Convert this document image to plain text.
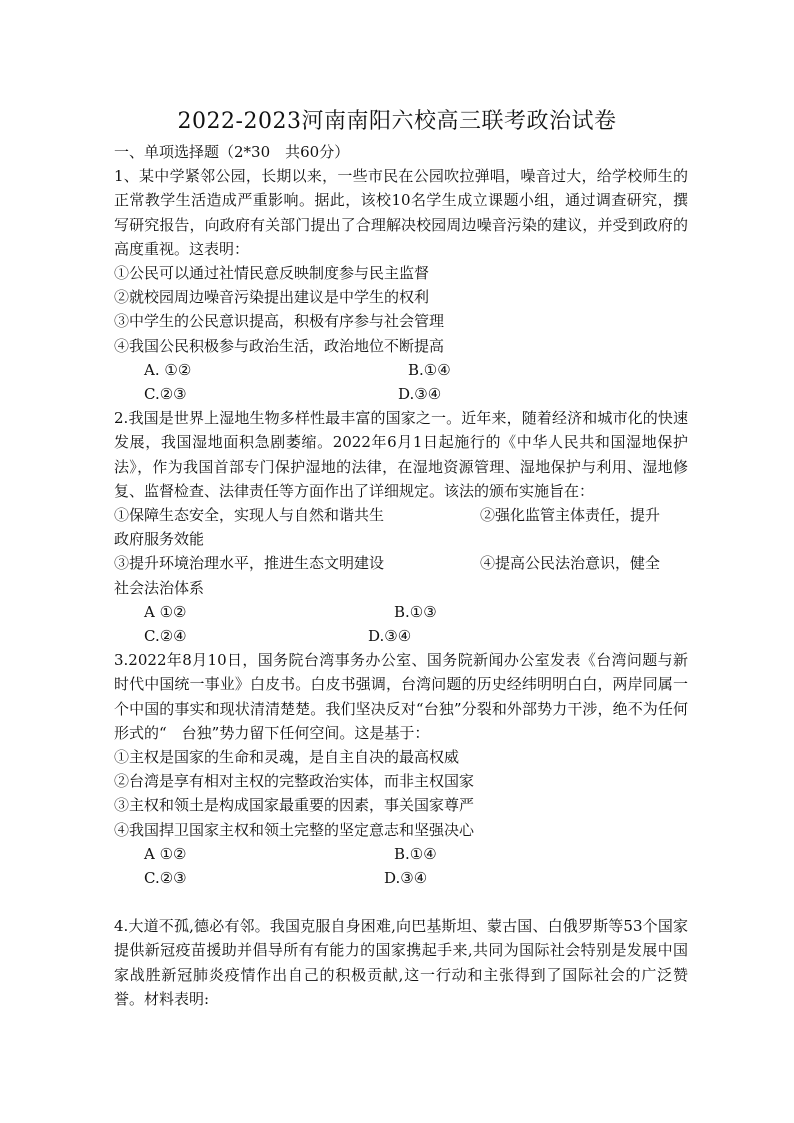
2022-2023河南南阳六校高三联考政治试卷

一、单项选择题（2*30　共60分）

1、某中学紧邻公园，长期以来，一些市民在公园吹拉弹唱，噪音过大，给学校师生的正常教学生活造成严重影响。据此，该校10名学生成立课题小组，通过调查研究，撰写研究报告，向政府有关部门提出了合理解决校园周边噪音污染的建议，并受到政府的高度重视。这表明：

①公民可以通过社情民意反映制度参与民主监督

②就校园周边噪音污染提出建议是中学生的权利

③中学生的公民意识提高，积极有序参与社会管理

④我国公民积极参与政治生活，政治地位不断提高

A. ①②	B.①④
C.②③	D.③④

2.我国是世界上湿地生物多样性最丰富的国家之一。近年来，随着经济和城市化的快速发展，我国湿地面积急剧萎缩。2022年6月1日起施行的《中华人民共和国湿地保护法》，作为我国首部专门保护湿地的法律，在湿地资源管理、湿地保护与利用、湿地修复、监督检查、法律责任等方面作出了详细规定。该法的颁布实施旨在：

①保障生态安全，实现人与自然和谐共生	②强化监管主体责任，提升

政府服务效能

③提升环境治理水平，推进生态文明建设	④提高公民法治意识，健全

社会法治体系

A ①②	B.①③
C.②④	D.③④

3.2022年8月10日，国务院台湾事务办公室、国务院新闻办公室发表《台湾问题与新时代中国统一事业》白皮书。白皮书强调，台湾问题的历史经纬明明白白，两岸同属一个中国的事实和现状清清楚楚。我们坚决反对“台独”分裂和外部势力干涉，绝不为任何形式的“　台独”势力留下任何空间。这是基于：

①主权是国家的生命和灵魂，是自主自决的最高权威

②台湾是享有相对主权的完整政治实体，而非主权国家

③主权和领土是构成国家最重要的因素，事关国家尊严

④我国捍卫国家主权和领土完整的坚定意志和坚强决心

A ①②	B.①④
C.②③	D.③④

4.大道不孤,德必有邻。我国克服自身困难,向巴基斯坦、蒙古国、白俄罗斯等53个国家提供新冠疫苗援助并倡导所有有能力的国家携起手来,共同为国际社会特别是发展中国家战胜新冠肺炎疫情作出自己的积极贡献,这一行动和主张得到了国际社会的广泛赞誉。材料表明:
